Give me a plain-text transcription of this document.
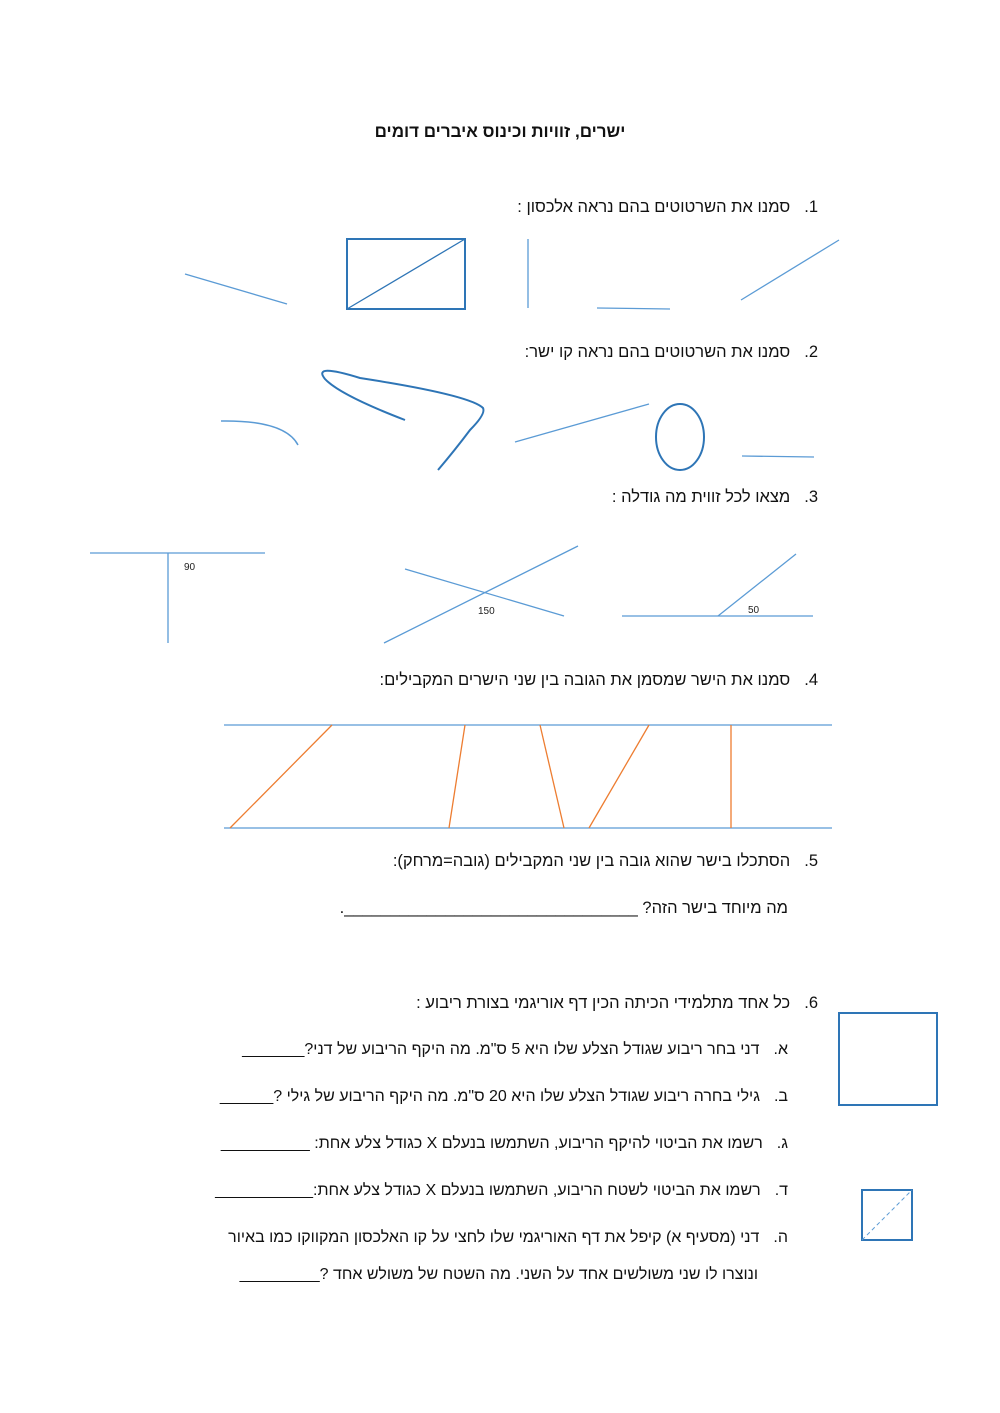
ישרים, זוויות וכינוס איברים דומים
1.סמנו את השרטוטים בהם נראה אלכסון :
2.סמנו את השרטוטים בהם נראה קו ישר:
3.מצאו לכל זווית מה גודלה :
4.סמנו את הישר שמסמן את הגובה בין שני הישרים המקבילים:
5.הסתכלו בישר שהוא גובה בין שני המקבילים (גובה=מרחק):
מה מיוחד בישר הזה? ________________________________.
6.כל אחד מתלמידי הכיתה הכין דף אוריגמי בצורת ריבוע :
א.דני בחר ריבוע שגודל הצלע שלו היא 5 ס"מ. מה היקף הריבוע של דני?_______
ב.גילי בחרה ריבוע שגודל הצלע שלו היא 20 ס"מ. מה היקף הריבוע של גילי ?______
ג.רשמו את הביטוי להיקף הריבוע, השתמשו בנעלם X כגודל צלע אחת: __________
ד.רשמו את הביטוי לשטח הריבוע, השתמשו בנעלם X כגודל צלע אחת:___________
ה.דני (מסעיף א) קיפל את דף האוריגמי שלו לחצי על קו האלכסון המקווקו כמו באיור
ונוצרו לו שני משולשים אחד על השני. מה השטח של משולש אחד ?_________
90
150	50
